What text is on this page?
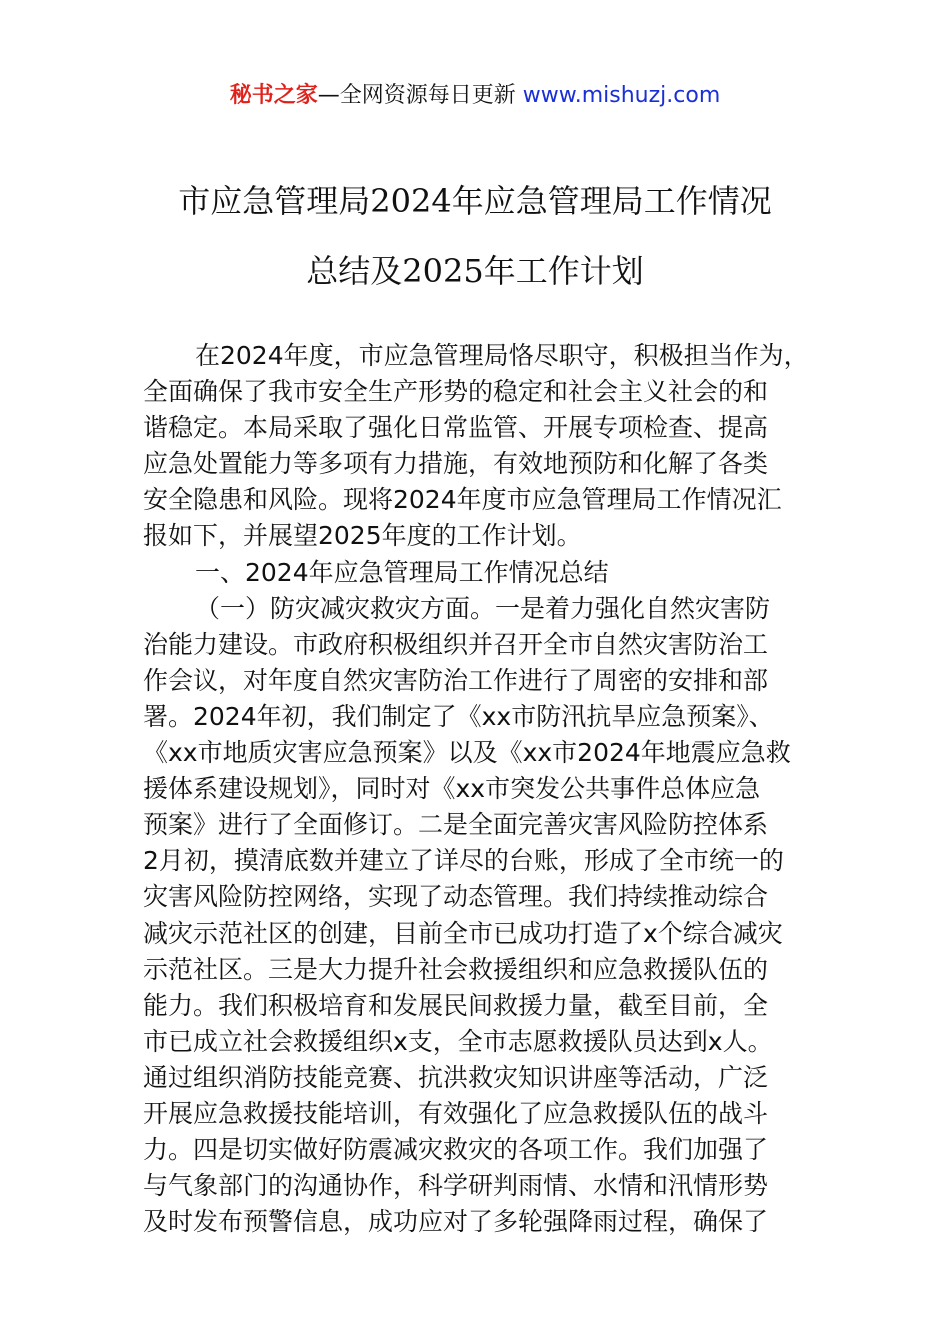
秘书之家—全网资源每日更新 www.mishuzj.com
市应急管理局2024年应急管理局工作情况
总结及2025年工作计划
在2024年度，市应急管理局恪尽职守，积极担当作为，
全面确保了我市安全生产形势的稳定和社会主义社会的和
谐稳定。本局采取了强化日常监管、开展专项检查、提高
应急处置能力等多项有力措施，有效地预防和化解了各类
安全隐患和风险。现将2024年度市应急管理局工作情况汇
报如下，并展望2025年度的工作计划。
一、2024年应急管理局工作情况总结
（一）防灾减灾救灾方面。一是着力强化自然灾害防
治能力建设。市政府积极组织并召开全市自然灾害防治工
作会议，对年度自然灾害防治工作进行了周密的安排和部
署。2024年初，我们制定了《xx市防汛抗旱应急预案》、
《xx市地质灾害应急预案》以及《xx市2024年地震应急救
援体系建设规划》，同时对《xx市突发公共事件总体应急
预案》进行了全面修订。二是全面完善灾害风险防控体系
2月初，摸清底数并建立了详尽的台账，形成了全市统一的
灾害风险防控网络，实现了动态管理。我们持续推动综合
减灾示范社区的创建，目前全市已成功打造了x个综合减灾
示范社区。三是大力提升社会救援组织和应急救援队伍的
能力。我们积极培育和发展民间救援力量，截至目前，全
市已成立社会救援组织x支，全市志愿救援队员达到x人。
通过组织消防技能竞赛、抗洪救灾知识讲座等活动，广泛
开展应急救援技能培训，有效强化了应急救援队伍的战斗
力。四是切实做好防震减灾救灾的各项工作。我们加强了
与气象部门的沟通协作，科学研判雨情、水情和汛情形势
及时发布预警信息，成功应对了多轮强降雨过程，确保了
